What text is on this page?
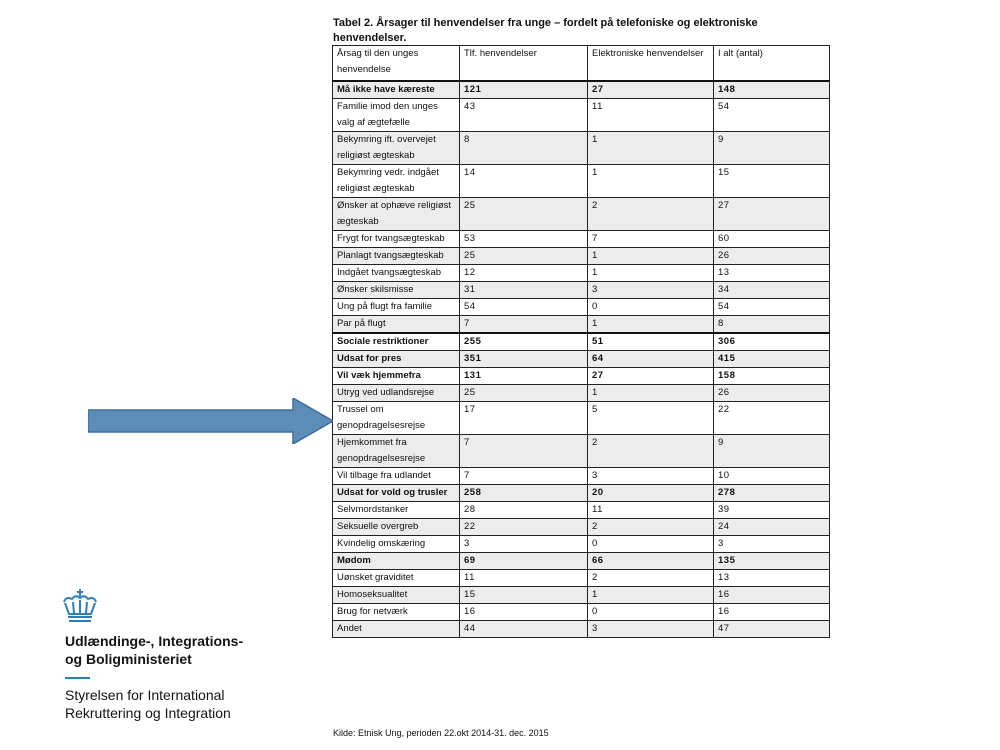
Tabel 2. Årsager til henvendelser fra unge – fordelt på telefoniske og elektroniske henvendelser.
Årsag til den unges henvendelse	Tlf. henvendelser	Elektroniske henvendelser	I alt (antal)
Må ikke have kæreste	121	27	148
Familie imod den unges valg af ægtefælle	43	11	54
Bekymring ift. overvejet religiøst ægteskab	8	1	9
Bekymring vedr. indgået religiøst ægteskab	14	1	15
Ønsker at ophæve religiøst ægteskab	25	2	27
Frygt for tvangsægteskab	53	7	60
Planlagt tvangsægteskab	25	1	26
Indgået tvangsægteskab	12	1	13
Ønsker skilsmisse	31	3	34
Ung på flugt fra familie	54	0	54
Par på flugt	7	1	8
Sociale restriktioner	255	51	306
Udsat for pres	351	64	415
Vil væk hjemmefra	131	27	158
Utryg ved udlandsrejse	25	1	26
Trussel om genopdragelsesrejse	17	5	22
Hjemkommet fra genopdragelsesrejse	7	2	9
Vil tilbage fra udlandet	7	3	10
Udsat for vold og trusler	258	20	278
Selvmordstanker	28	11	39
Seksuelle overgreb	22	2	24
Kvindelig omskæring	3	0	3
Mødom	69	66	135
Uønsket graviditet	11	2	13
Homoseksualitet	15	1	16
Brug for netværk	16	0	16
Andet	44	3	47
Kilde: Etnisk Ung, perioden 22.okt 2014-31. dec. 2015
Udlændinge-, Integrations-
og Boligministeriet
Styrelsen for International
Rekruttering og Integration
